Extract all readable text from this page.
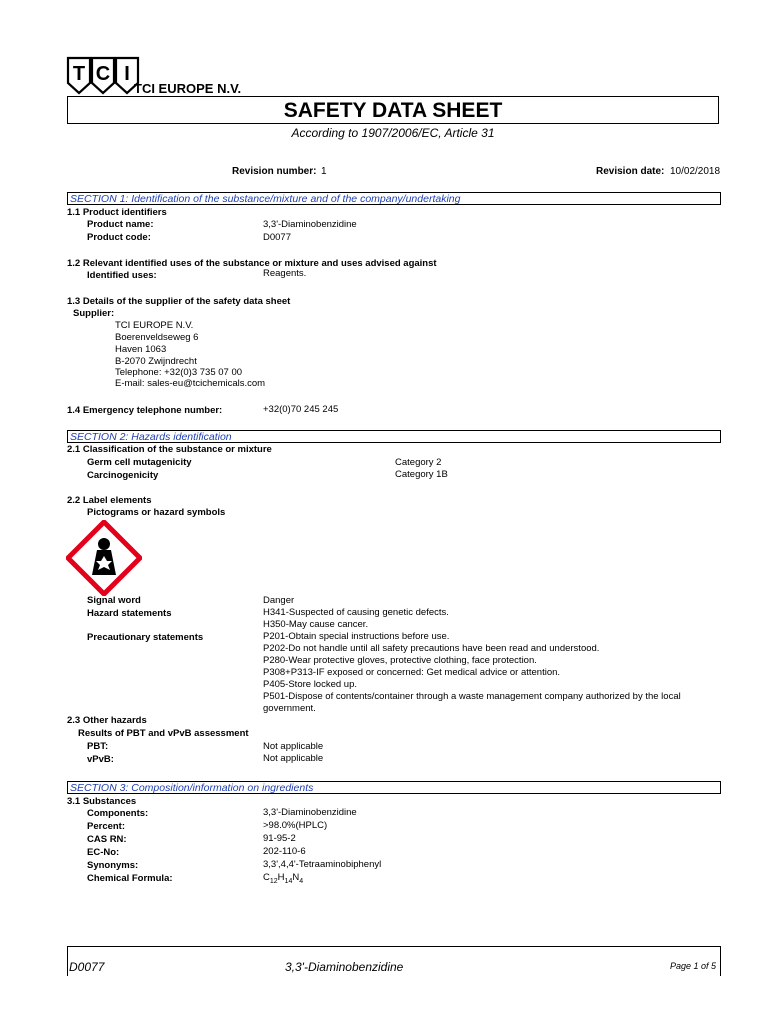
T C I
TCI EUROPE N.V.
SAFETY DATA SHEET
According to 1907/2006/EC, Article 31
Revision number: 1	Revision date: 10/02/2018
SECTION 1: Identification of the substance/mixture and of the company/undertaking
1.1 Product identifiers
Product name:	3,3'-Diaminobenzidine
Product code:	D0077
1.2 Relevant identified uses of the substance or mixture and uses advised against
Identified uses:	Reagents.
1.3 Details of the supplier of the safety data sheet
Supplier:
TCI EUROPE N.V.
Boerenveldseweg 6
Haven 1063
B-2070 Zwijndrecht
Telephone: +32(0)3 735 07 00
E-mail: sales-eu@tcichemicals.com
1.4 Emergency telephone number:	+32(0)70 245 245
SECTION 2: Hazards identification
2.1 Classification of the substance or mixture
Germ cell mutagenicity	Category 2
Carcinogenicity	Category 1B
2.2 Label elements
Pictograms or hazard symbols
Signal word	Danger
Hazard statements	H341-Suspected of causing genetic defects.
H350-May cause cancer.
Precautionary statements	P201-Obtain special instructions before use.
P202-Do not handle until all safety precautions have been read and understood.
P280-Wear protective gloves, protective clothing, face protection.
P308+P313-IF exposed or concerned: Get medical advice or attention.
P405-Store locked up.
P501-Dispose of contents/container through a waste management company authorized by the local
government.
2.3 Other hazards
Results of PBT and vPvB assessment
PBT:	Not applicable
vPvB:	Not applicable
SECTION 3: Composition/information on ingredients
3.1 Substances
Components:	3,3'-Diaminobenzidine
Percent:	>98.0%(HPLC)
CAS RN:	91-95-2
EC-No:	202-110-6
Synonyms:	3,3',4,4'-Tetraaminobiphenyl
Chemical Formula:	$C_{12}H_{14}N_4$
D0077	3,3'-Diaminobenzidine	Page 1 of 5
